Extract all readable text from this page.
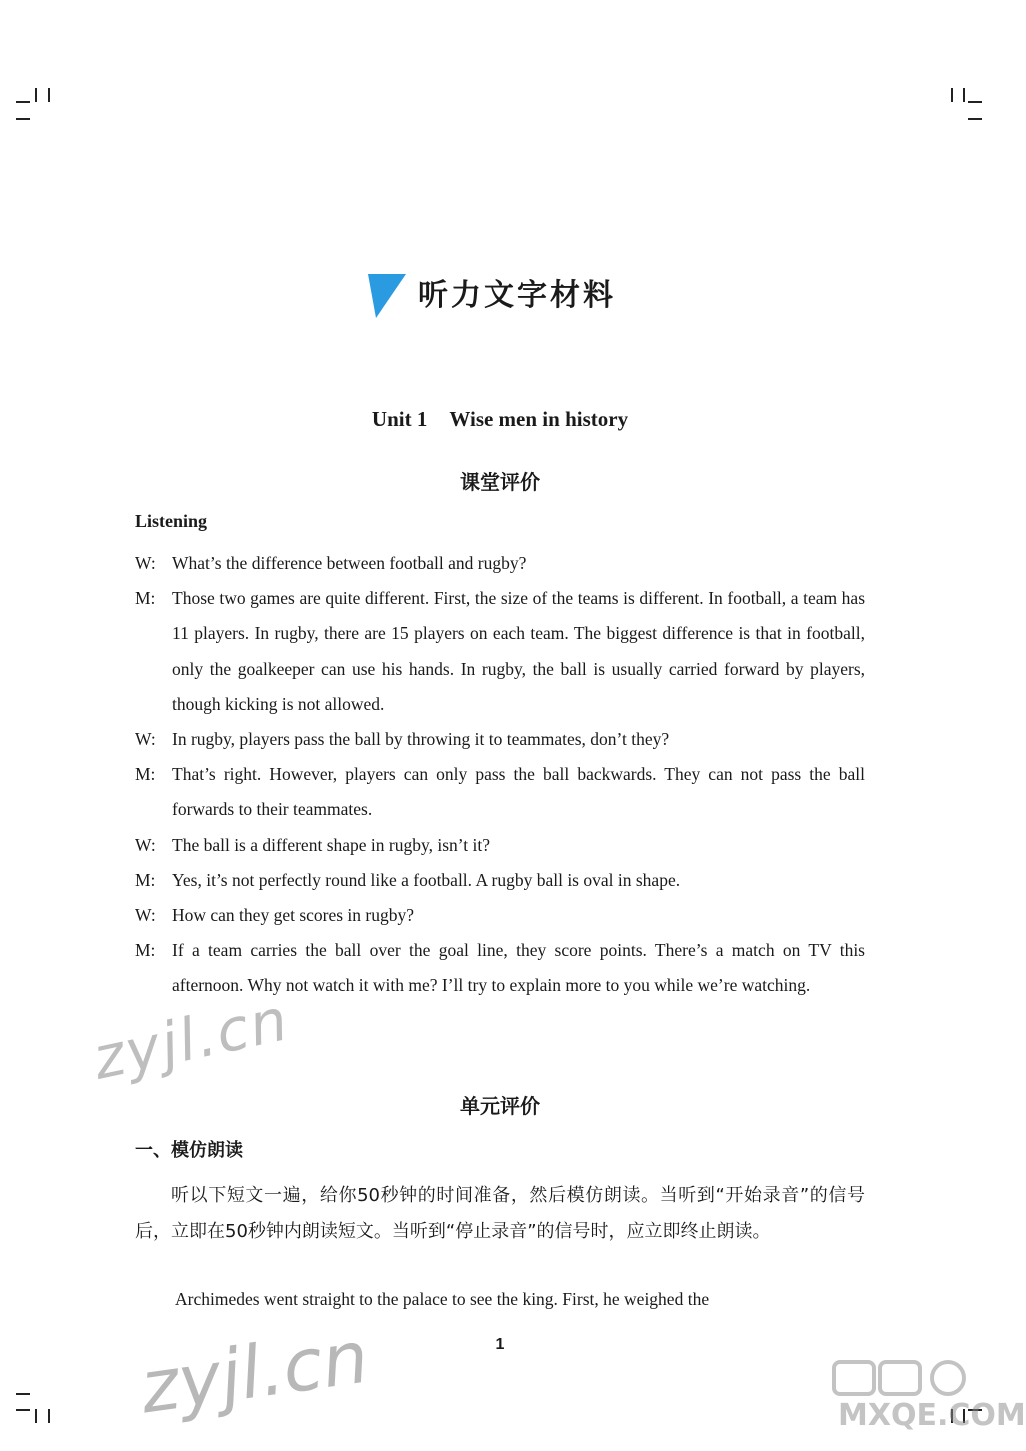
听力文字材料
Unit 1 Wise men in history
课堂评价
Listening
W: What’s the difference between football and rugby?
M: Those two games are quite different. First, the size of the teams is different. In football, a team has 11 players. In rugby, there are 15 players on each team. The biggest difference is that in football, only the goalkeeper can use his hands. In rugby, the ball is usually carried forward by players, though kicking is not allowed.
W: In rugby, players pass the ball by throwing it to teammates, don’t they?
M: That’s right. However, players can only pass the ball backwards. They can not pass the ball forwards to their teammates.
W: The ball is a different shape in rugby, isn’t it?
M: Yes, it’s not perfectly round like a football. A rugby ball is oval in shape.
W: How can they get scores in rugby?
M: If a team carries the ball over the goal line, they score points. There’s a match on TV this afternoon. Why not watch it with me? I’ll try to explain more to you while we’re watching.
单元评价
一、模仿朗读
听以下短文一遍，给你50秒钟的时间准备，然后模仿朗读。当听到“开始录音”的信号后，立即在50秒钟内朗读短文。当听到“停止录音”的信号时，应立即终止朗读。
Archimedes went straight to the palace to see the king. First, he weighed the
1
zyjl.cn
zyjl.cn	MXQE.COM
